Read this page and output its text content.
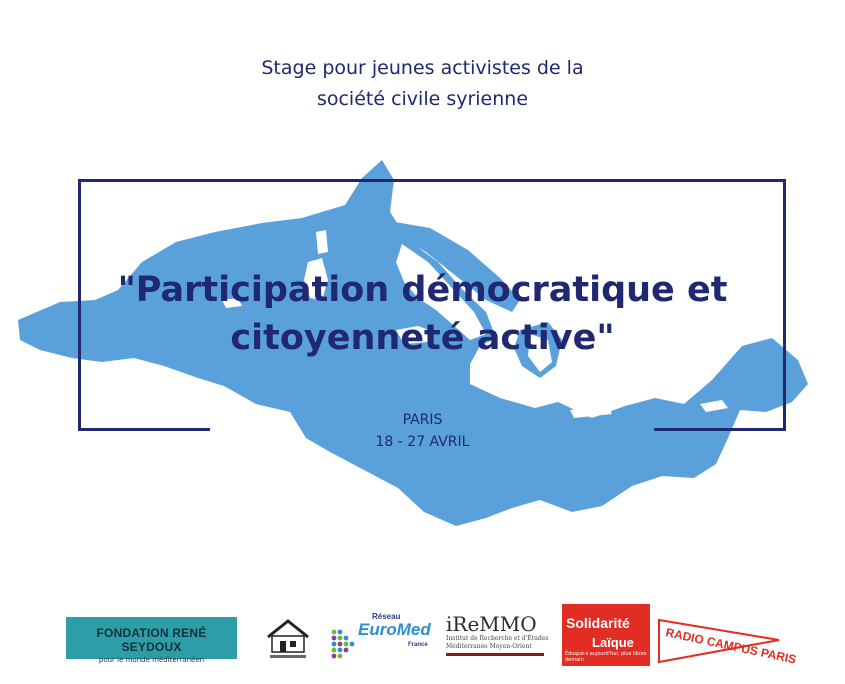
Stage pour jeunes activistes de la
société civile syrienne
"Participation démocratique et
citoyenneté active"
PARIS
18 - 27 AVRIL
FONDATION RENÉ SEYDOUX
pour le monde méditerranéen
Réseau
EuroMed
France
iReMMO
Institut de Recherche et d'Études
Méditerranée Moyen-Orient
Solidarité
Laïque
Éduqué·s aujourd'hui, plus libres demain	RADIO CAMPUS PARIS
